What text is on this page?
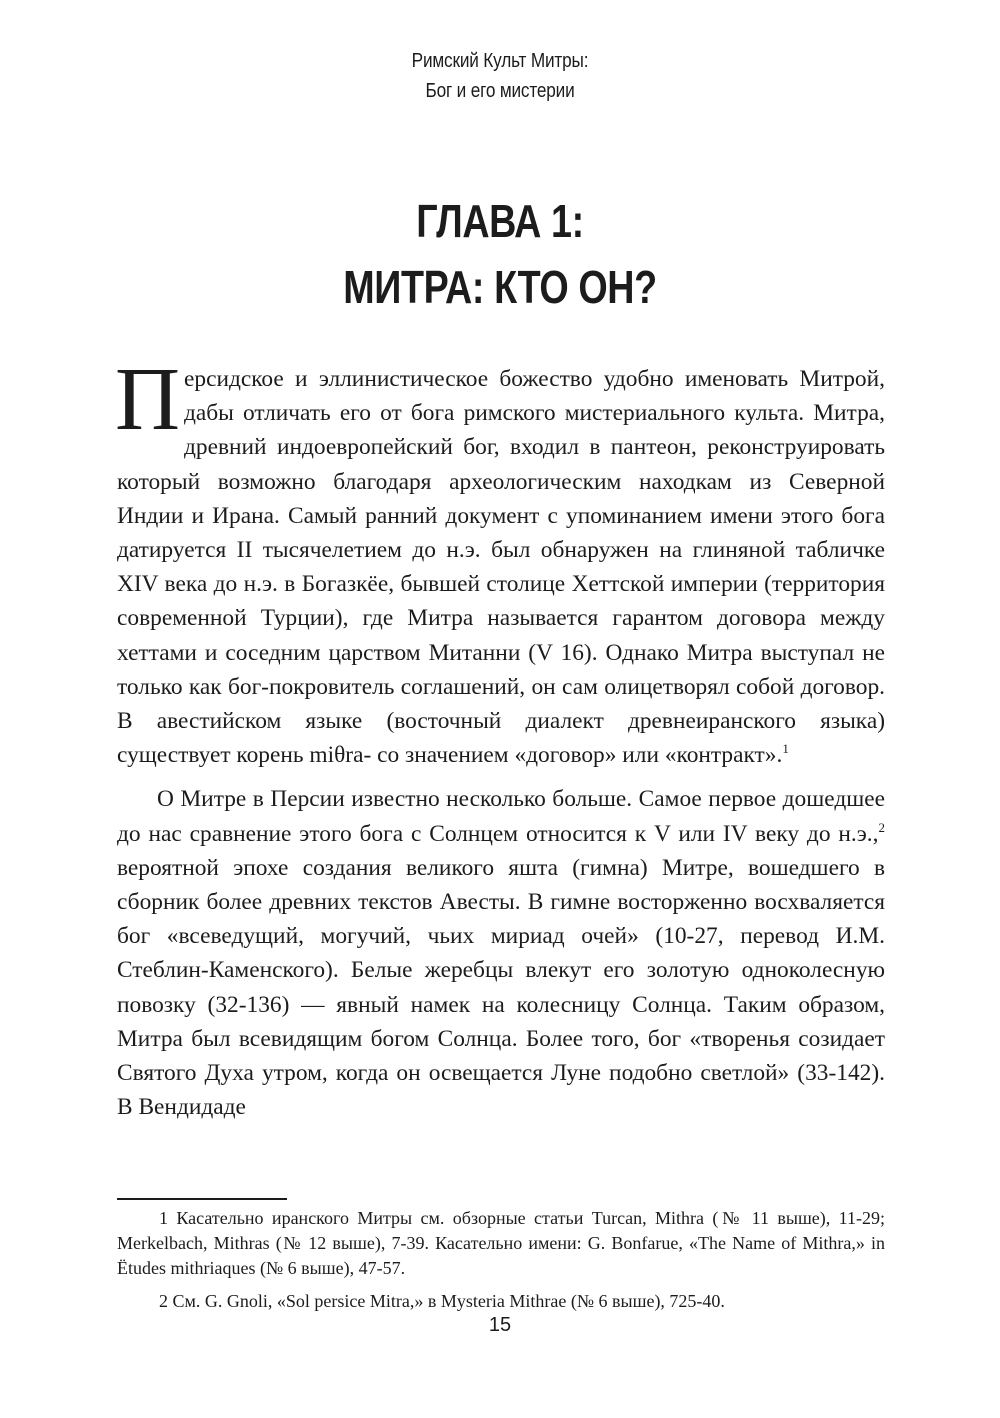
Римский Культ Митры:
Бог и его мистерии
ГЛАВА 1:
МИТРА: КТО ОН?

Персидское и эллинистическое божество удобно именовать Митрой, дабы отличать его от бога римского мистериального культа. Митра, древний индоевропейский бог, входил в пантеон, реконструировать который возможно благодаря археологическим находкам из Северной Индии и Ирана. Самый ранний документ с упоминанием имени этого бога датируется II тысячелетием до н.э. был обнаружен на глиняной табличке XIV века до н.э. в Богазкёе, бывшей столице Хеттской империи (территория современной Турции), где Митра называется гарантом договора между хеттами и соседним царством Митанни (V 16). Однако Митра выступал не только как бог-покровитель соглашений, он сам олицетворял собой договор. В авестийском языке (восточный диалект древнеиранского языка) существует корень miθra- со значением «договор» или «контракт».$^1$

О Митре в Персии известно несколько больше. Самое первое дошедшее до нас сравнение этого бога с Солнцем относится к V или IV веку до н.э.,$^2$ вероятной эпохе создания великого яшта (гимна) Митре, вошедшего в сборник более древних текстов Авесты. В гимне восторженно восхваляется бог «всеведущий, могучий, чьих мириад очей» (10-27, перевод И.М. Стеблин-Каменского). Белые жеребцы влекут его золотую одноколесную повозку (32-136) — явный намек на колесницу Солнца. Таким образом, Митра был всевидящим богом Солнца. Более того, бог «творенья созидает Святого Духа утром, когда он освещается Луне подобно светлой» (33-142). В Вендидаде

1 Касательно иранского Митры см. обзорные статьи Turcan, Mithra (№ 11 выше), 11-29; Merkelbach, Mithras (№ 12 выше), 7-39. Касательно имени: G. Bonfarue, «The Name of Mithra,» in Ëtudes mithriaques (№ 6 выше), 47-57.

2 См. G. Gnoli, «Sol persice Mitra,» в Mysteria Mithrae (№ 6 выше), 725-40.

15
